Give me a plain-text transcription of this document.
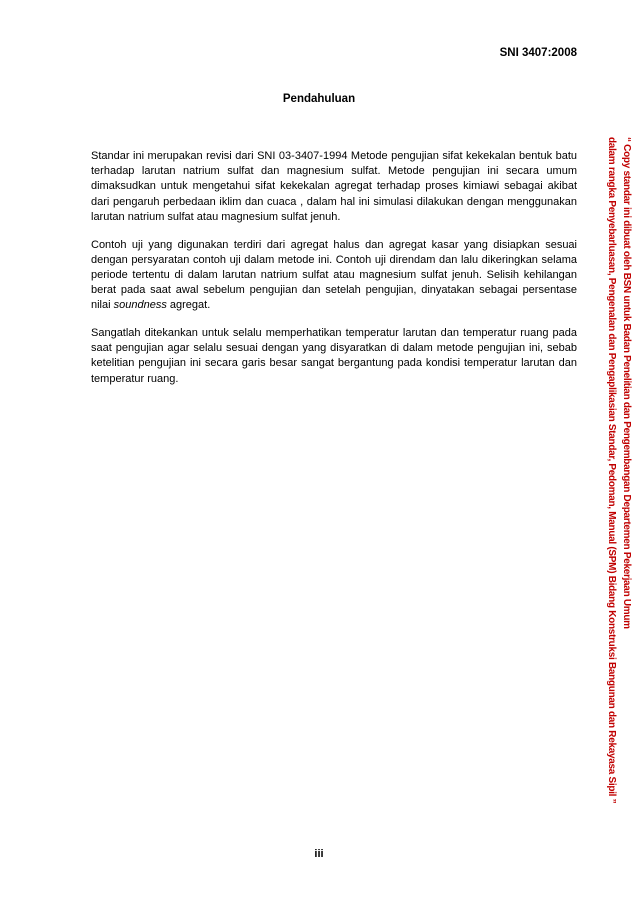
SNI 3407:2008
Pendahuluan

Standar ini merupakan revisi dari SNI 03-3407-1994 Metode pengujian sifat kekekalan bentuk batu terhadap larutan natrium sulfat dan magnesium sulfat. Metode pengujian ini secara umum dimaksudkan untuk mengetahui sifat kekekalan agregat terhadap proses kimiawi sebagai akibat dari pengaruh perbedaan iklim dan cuaca , dalam hal ini simulasi dilakukan dengan menggunakan larutan natrium sulfat atau magnesium sulfat jenuh.

Contoh uji yang digunakan terdiri dari agregat halus dan agregat kasar yang disiapkan sesuai dengan persyaratan contoh uji dalam metode ini. Contoh uji direndam dan lalu dikeringkan selama periode tertentu di dalam larutan natrium sulfat atau magnesium sulfat jenuh. Selisih kehilangan berat pada saat awal sebelum pengujian dan setelah pengujian, dinyatakan sebagai persentase nilai soundness agregat.

Sangatlah ditekankan untuk selalu memperhatikan temperatur larutan dan temperatur ruang pada saat pengujian agar selalu sesuai dengan yang disyaratkan di dalam metode pengujian ini, sebab ketelitian pengujian ini secara garis besar sangat bergantung pada kondisi temperatur larutan dan temperatur ruang.	“ Copy standar ini dibuat oleh BSN untuk Badan Penelitian dan Pengembangan Departemen Pekerjaan Umum
dalam rangka Penyebarluasan, Pengenalan dan Pengaplikasian Standar, Pedoman, Manual (SPM) Bidang Konstruksi Bangunan dan Rekayasa Sipil ”
iii
